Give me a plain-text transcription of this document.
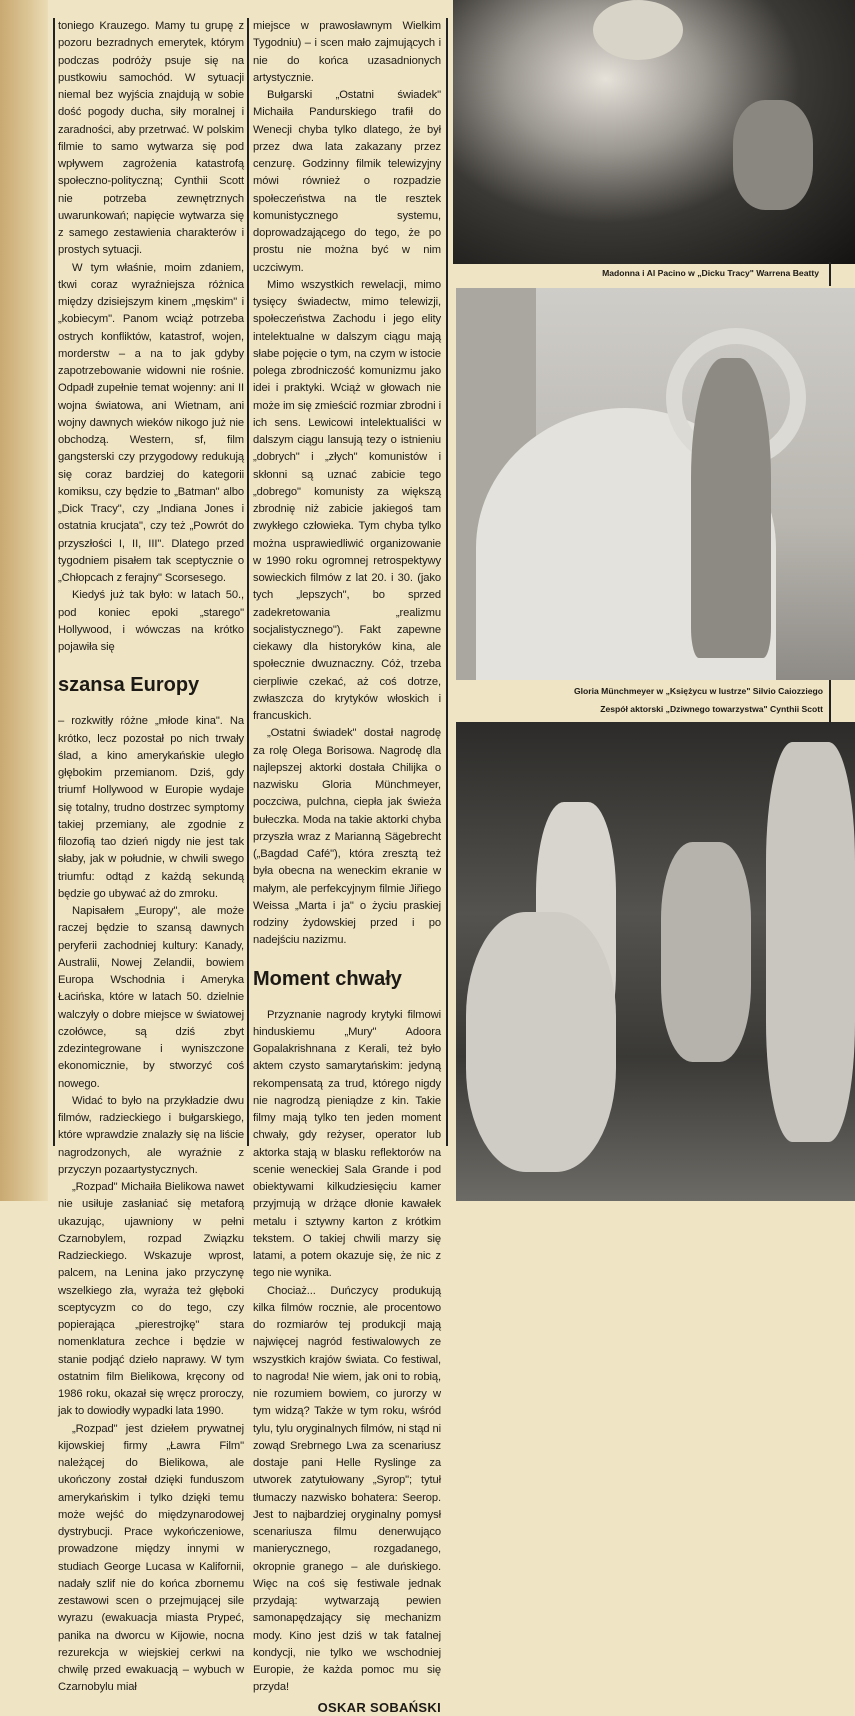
toniego Krauzego. Mamy tu grupę z pozoru bezradnych emerytek, którym podczas podróży psuje się na pustkowiu samochód. W sytuacji niemal bez wyjścia znajdują w sobie dość pogody ducha, siły moralnej i zaradności, aby przetrwać. W polskim filmie to samo wytwarza się pod wpływem zagrożenia katastrofą społeczno-polityczną; Cynthii Scott nie potrzeba zewnętrznych uwarunkowań; napięcie wytwarza się z samego zestawienia charakterów i prostych sytuacji.

W tym właśnie, moim zdaniem, tkwi coraz wyraźniejsza różnica między dzisiejszym kinem „męskim" i „kobiecym". Panom wciąż potrzeba ostrych konfliktów, katastrof, wojen, morderstw – a na to jak gdyby zapotrzebowanie widowni nie rośnie. Odpadł zupełnie temat wojenny: ani II wojna światowa, ani Wietnam, ani wojny dawnych wieków nikogo już nie obchodzą. Western, sf, film gangsterski czy przygodowy redukują się coraz bardziej do kategorii komiksu, czy będzie to „Batman" albo „Dick Tracy", czy „Indiana Jones i ostatnia krucjata", czy też „Powrót do przyszłości I, II, III". Dlatego przed tygodniem pisałem tak sceptycznie o „Chłopcach z ferajny" Scorsesego.

Kiedyś już tak było: w latach 50., pod koniec epoki „starego" Hollywood, i wówczas na krótko pojawiła się

szansa Europy

– rozkwitły różne „młode kina". Na krótko, lecz pozostał po nich trwały ślad, a kino amerykańskie uległo głębokim przemianom. Dziś, gdy triumf Hollywood w Europie wydaje się totalny, trudno dostrzec symptomy takiej przemiany, ale zgodnie z filozofią tao dzień nigdy nie jest tak słaby, jak w południe, w chwili swego triumfu: odtąd z każdą sekundą będzie go ubywać aż do zmroku.

Napisałem „Europy", ale może raczej będzie to szansą dawnych peryferii zachodniej kultury: Kanady, Australii, Nowej Zelandii, bowiem Europa Wschodnia i Ameryka Łacińska, które w latach 50. dzielnie walczyły o dobre miejsce w światowej czołówce, są dziś zbyt zdezintegrowane i wyniszczone ekonomicznie, by stworzyć coś nowego.

Widać to było na przykładzie dwu filmów, radzieckiego i bułgarskiego, które wprawdzie znalazły się na liście nagrodzonych, ale wyraźnie z przyczyn pozaartystycznych.

„Rozpad" Michaiła Bielikowa nawet nie usiłuje zasłaniać się metaforą ukazując, ujawniony w pełni Czarnobylem, rozpad Związku Radzieckiego. Wskazuje wprost, palcem, na Lenina jako przyczynę wszelkiego zła, wyraża też głęboki sceptycyzm co do tego, czy popierająca „pierestrojkę" stara nomenklatura zechce i będzie w stanie podjąć dzieło naprawy. W tym ostatnim film Bielikowa, kręcony od 1986 roku, okazał się wręcz proroczy, jak to dowiodły wypadki lata 1990.

„Rozpad" jest dziełem prywatnej kijowskiej firmy „Ławra Film" należącej do Bielikowa, ale ukończony został dzięki funduszom amerykańskim i tylko dzięki temu może wejść do międzynarodowej dystrybucji. Prace wykończeniowe, prowadzone między innymi w studiach George Lucasa w Kalifornii, nadały szlif nie do końca zbornemu zestawowi scen o przejmującej sile wyrazu (ewakuacja miasta Prypeć, panika na dworcu w Kijowie, nocna rezurekcja w wiejskiej cerkwi na chwilę przed ewakuacją – wybuch w Czarnobylu miał

miejsce w prawosławnym Wielkim Tygodniu) – i scen mało zajmujących i nie do końca uzasadnionych artystycznie.

Bułgarski „Ostatni świadek" Michaiła Pandurskiego trafił do Wenecji chyba tylko dlatego, że był przez dwa lata zakazany przez cenzurę. Godzinny filmik telewizyjny mówi również o rozpadzie społeczeństwa na tle resztek komunistycznego systemu, doprowadzającego do tego, że po prostu nie można być w nim uczciwym.

Mimo wszystkich rewelacji, mimo tysięcy świadectw, mimo telewizji, społeczeństwa Zachodu i jego elity intelektualne w dalszym ciągu mają słabe pojęcie o tym, na czym w istocie polega zbrodniczość komunizmu jako idei i praktyki. Wciąż w głowach nie może im się zmieścić rozmiar zbrodni i ich sens. Lewicowi intelektualiści w dalszym ciągu lansują tezy o istnieniu „dobrych" i „złych" komunistów i skłonni są uznać zabicie tego „dobrego" komunisty za większą zbrodnię niż zabicie jakiegoś tam zwykłego człowieka. Tym chyba tylko można usprawiedliwić organizowanie w 1990 roku ogromnej retrospektywy sowieckich filmów z lat 20. i 30. (jako tych „lepszych", bo sprzed zadekretowania „realizmu socjalistycznego"). Fakt zapewne ciekawy dla historyków kina, ale społecznie dwuznaczny. Cóż, trzeba cierpliwie czekać, aż coś dotrze, zwłaszcza do krytyków włoskich i francuskich.

„Ostatni świadek" dostał nagrodę za rolę Olega Borisowa. Nagrodę dla najlepszej aktorki dostała Chilijka o nazwisku Gloria Münchmeyer, poczciwa, pulchna, ciepła jak świeża bułeczka. Moda na takie aktorki chyba przyszła wraz z Marianną Sägebrecht („Bagdad Café"), która zresztą też była obecna na weneckim ekranie w małym, ale perfekcyjnym filmie Jiřiego Weissa „Marta i ja" o życiu praskiej rodziny żydowskiej przed i po nadejściu nazizmu.

Moment chwały

Przyznanie nagrody krytyki filmowi hinduskiemu „Mury" Adoora Gopalakrishnana z Kerali, też było aktem czysto samarytańskim: jedyną rekompensatą za trud, którego nigdy nie nagrodzą pieniądze z kin. Takie filmy mają tylko ten jeden moment chwały, gdy reżyser, operator lub aktorka stają w blasku reflektorów na scenie weneckiej Sala Grande i pod obiektywami kilkudziesięciu kamer przyjmują w drżące dłonie kawałek metalu i sztywny karton z krótkim tekstem. O takiej chwili marzy się latami, a potem okazuje się, że nic z tego nie wynika.

Chociaż... Duńczycy produkują kilka filmów rocznie, ale procentowo do rozmiarów tej produkcji mają najwięcej nagród festiwalowych ze wszystkich krajów świata. Co festiwal, to nagroda! Nie wiem, jak oni to robią, nie rozumiem bowiem, co jurorzy w tym widzą? Także w tym roku, wśród tylu, tylu oryginalnych filmów, ni stąd ni zowąd Srebrnego Lwa za scenariusz dostaje pani Helle Ryslinge za utworek zatytułowany „Syrop"; tytuł tłumaczy nazwisko bohatera: Seerop. Jest to najbardziej oryginalny pomysł scenariusza filmu denerwująco manierycznego, rozgadanego, okropnie granego – ale duńskiego. Więc na coś się festiwale jednak przydają: wytwarzają pewien samonapędzający się mechanizm mody. Kino jest dziś w tak fatalnej kondycji, nie tylko we wschodniej Europie, że każda pomoc mu się przyda!

OSKAR SOBAŃSKI
Madonna i Al Pacino w „Dicku Tracy" Warrena Beatty
Gloria Münchmeyer w „Księżycu w lustrze" Silvio Caiozziego
Zespół aktorski „Dziwnego towarzystwa" Cynthii Scott
